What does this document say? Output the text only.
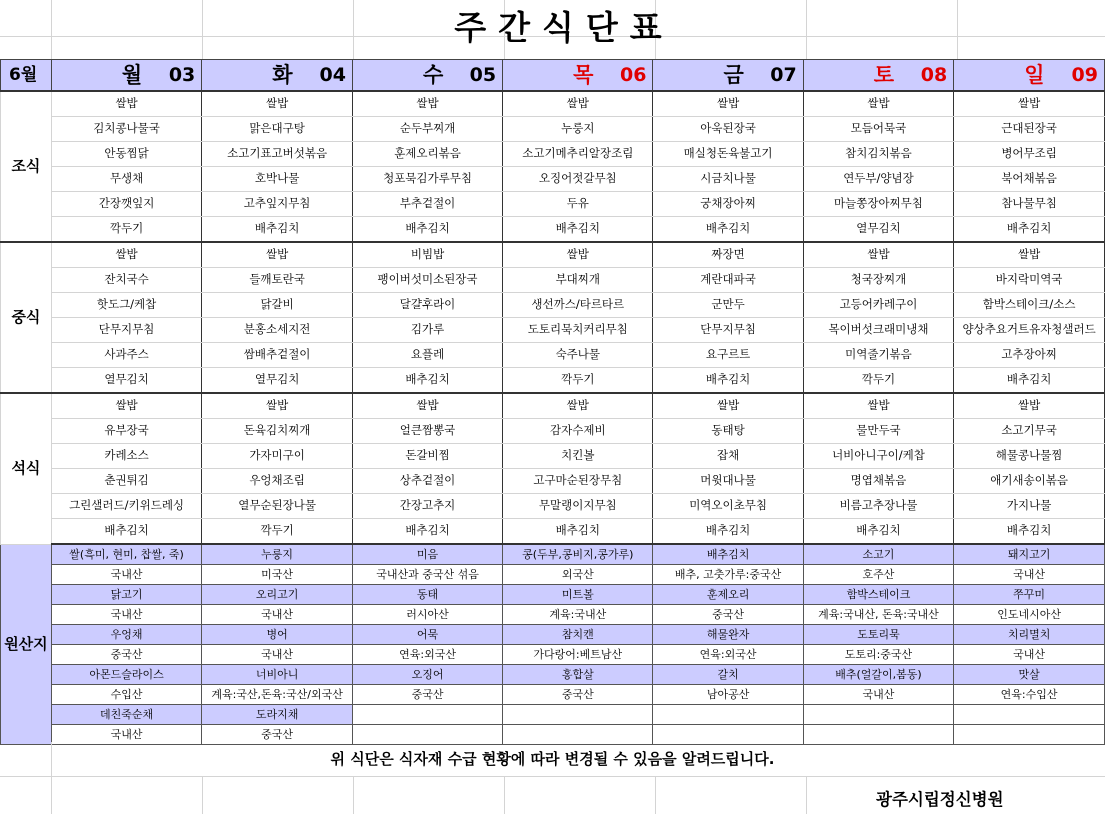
주간식단표
6월	월 03	화 04	수 05	목 06	금 07	토 08	일 09

조식	쌀밥	쌀밥	쌀밥	쌀밥	쌀밥	쌀밥	쌀밥
	김치콩나물국	맑은대구탕	순두부찌개	누룽지	아욱된장국	모듬어묵국	근대된장국
	안동찜닭	소고기표고버섯볶음	훈제오리볶음	소고기메추리알장조림	매실청돈육불고기	참치김치볶음	병어무조림
	무생채	호박나물	청포묵김가루무침	오징어젓갈무침	시금치나물	연두부/양념장	북어채볶음
	간장깻잎지	고추잎지무침	부추겉절이	두유	궁채장아찌	마늘쫑장아찌무침	참나물무침
	깍두기	배추김치	배추김치	배추김치	배추김치	열무김치	배추김치
중식	쌀밥	쌀밥	비빔밥	쌀밥	짜장면	쌀밥	쌀밥
	잔치국수	들깨토란국	팽이버섯미소된장국	부대찌개	계란대파국	청국장찌개	바지락미역국
	핫도그/케찹	닭갈비	달걀후라이	생선까스/타르타르	군만두	고등어카레구이	함박스테이크/소스
	단무지무침	분홍소세지전	김가루	도토리묵치커리무침	단무지무침	목이버섯크래미냉채	양상추요거트유자청샐러드
	사과주스	쌈배추겉절이	요플레	숙주나물	요구르트	미역줄기볶음	고추장아찌
	열무김치	열무김치	배추김치	깍두기	배추김치	깍두기	배추김치
석식	쌀밥	쌀밥	쌀밥	쌀밥	쌀밥	쌀밥	쌀밥
	유부장국	돈육김치찌개	얼큰짬뽕국	감자수제비	동태탕	물만두국	소고기무국
	카레소스	가자미구이	돈갈비찜	치킨볼	잡채	너비아니구이/케찹	해물콩나물찜
	춘권튀김	우엉채조림	상추겉절이	고구마순된장무침	머윗대나물	명엽채볶음	애기새송이볶음
	그린샐러드/키위드레싱	열무순된장나물	간장고추지	무말랭이지무침	미역오이초무침	비름고추장나물	가지나물
	배추김치	깍두기	배추김치	배추김치	배추김치	배추김치	배추김치
원산지	쌀(흑미, 현미, 찹쌀, 죽)	누룽지	미음	콩(두부,콩비지,콩가루)	배추김치	소고기	돼지고기
	국내산	미국산	국내산과 중국산 섞음	외국산	배추, 고춧가루:중국산	호주산	국내산
	닭고기	오리고기	동태	미트볼	훈제오리	함박스테이크	쭈꾸미
	국내산	국내산	러시아산	계육:국내산	중국산	계육:국내산, 돈육:국내산	인도네시아산
	우엉채	병어	어묵	참치캔	해물완자	도토리묵	치리멸치
	중국산	국내산	연육:외국산	가다랑어:베트남산	연육:외국산	도토리:중국산	국내산
	아몬드슬라이스	너비아니	오징어	홍합살	갈치	배추(얼갈이,봄동)	맛살
	수입산	계육:국산,돈육:국산/외국산	중국산	중국산	남아공산	국내산	연육:수입산
	데친죽순채	도라지채					
	국내산	중국산					
위 식단은 식자재 수급 현황에 따라 변경될 수 있음을 알려드립니다.
광주시립정신병원
